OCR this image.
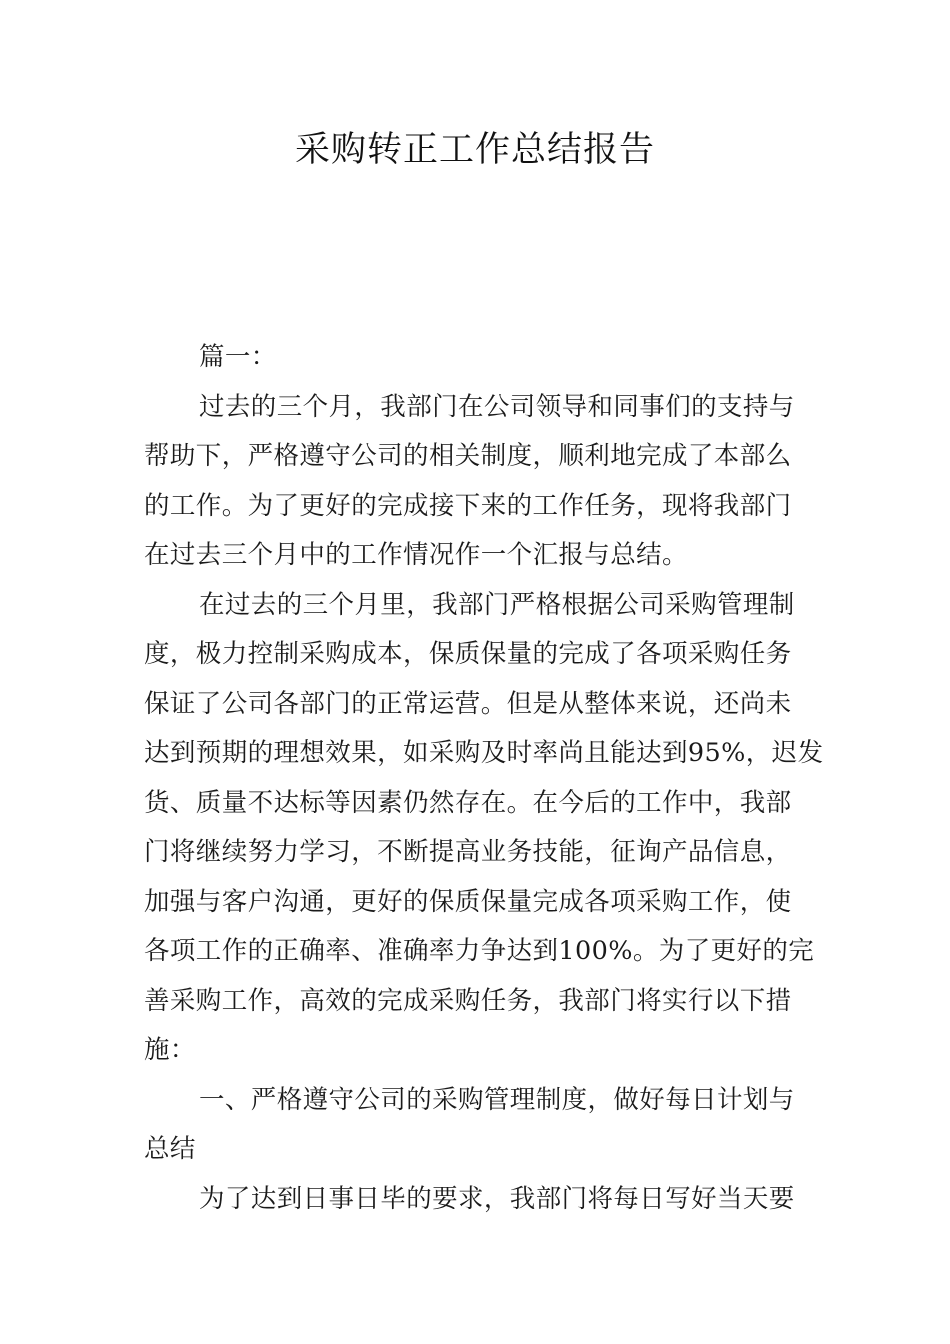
采购转正工作总结报告
篇一：
过去的三个月，我部门在公司领导和同事们的支持与
帮助下，严格遵守公司的相关制度，顺利地完成了本部么
的工作。为了更好的完成接下来的工作任务，现将我部门
在过去三个月中的工作情况作一个汇报与总结。
在过去的三个月里，我部门严格根据公司采购管理制
度，极力控制采购成本，保质保量的完成了各项采购任务
保证了公司各部门的正常运营。但是从整体来说，还尚未
达到预期的理想效果，如采购及时率尚且能达到95%，迟发
货、质量不达标等因素仍然存在。在今后的工作中，我部
门将继续努力学习，不断提高业务技能，征询产品信息，
加强与客户沟通，更好的保质保量完成各项采购工作，使
各项工作的正确率、准确率力争达到100%。为了更好的完
善采购工作，高效的完成采购任务，我部门将实行以下措
施：
一、严格遵守公司的采购管理制度，做好每日计划与
总结
为了达到日事日毕的要求，我部门将每日写好当天要
